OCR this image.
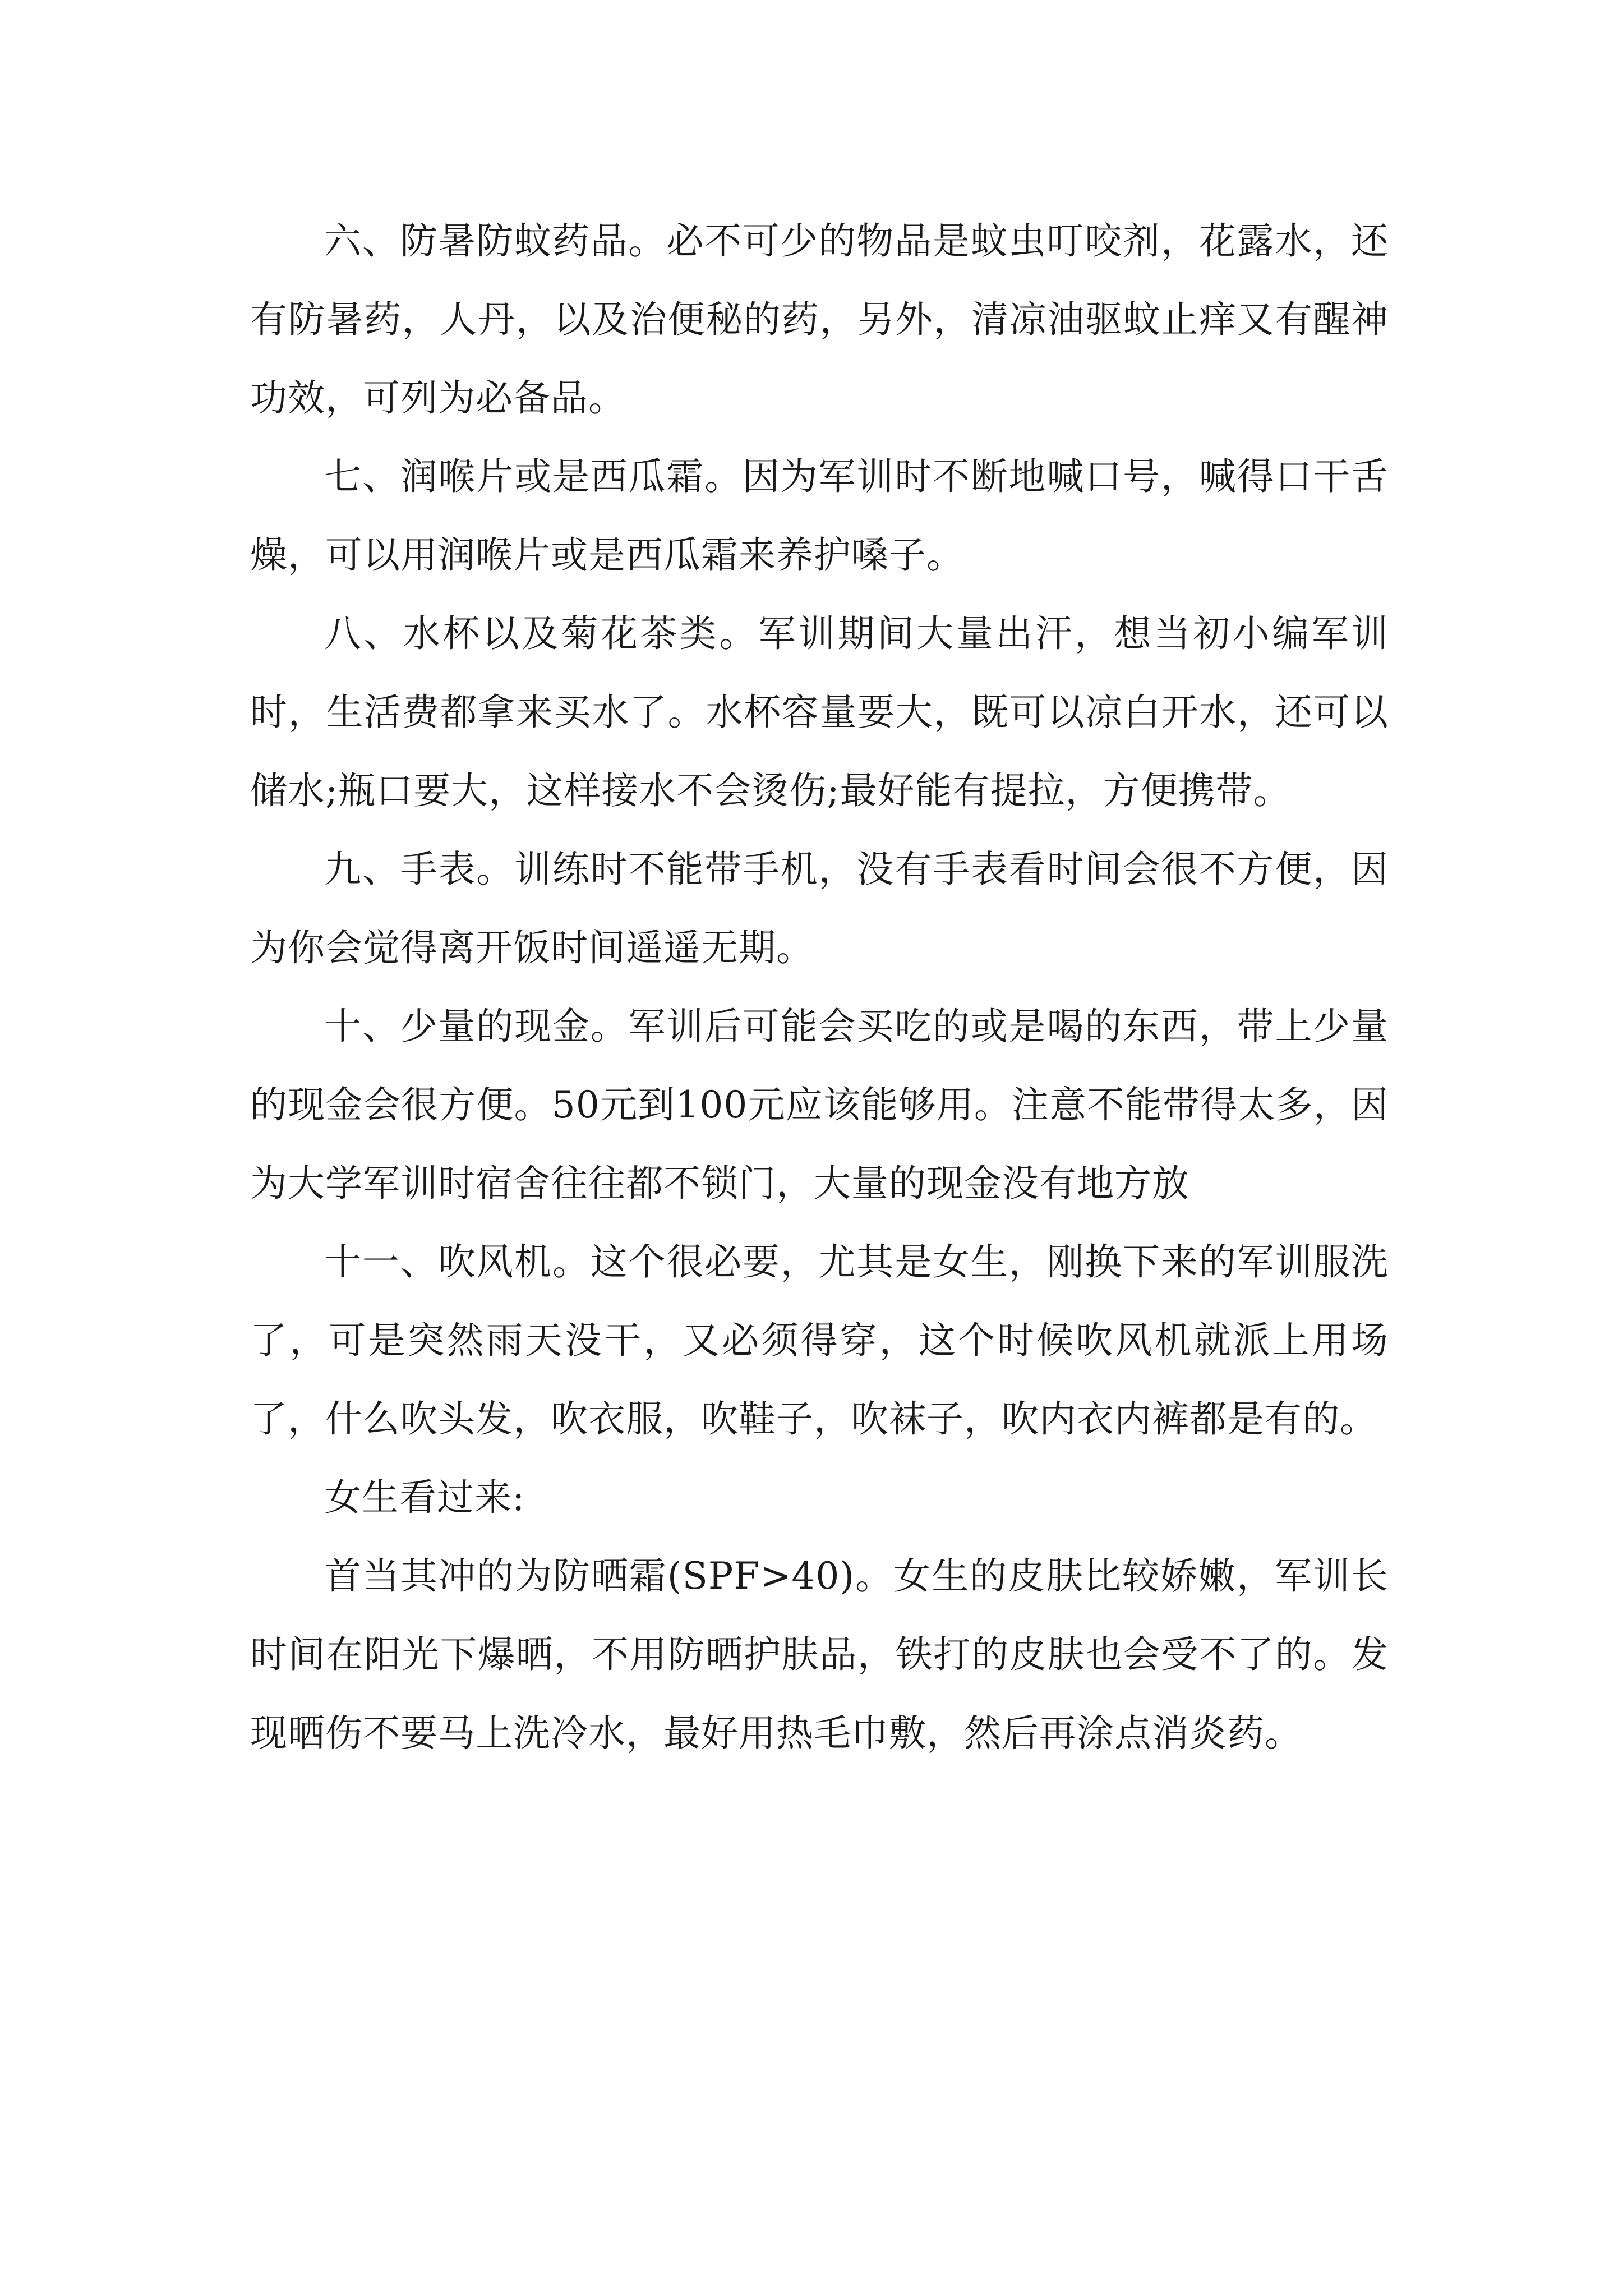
六、防暑防蚊药品。必不可少的物品是蚊虫叮咬剂，花露水，还有防暑药，人丹，以及治便秘的药，另外，清凉油驱蚊止痒又有醒神功效，可列为必备品。

七、润喉片或是西瓜霜。因为军训时不断地喊口号，喊得口干舌燥，可以用润喉片或是西瓜霜来养护嗓子。

八、水杯以及菊花茶类。军训期间大量出汗，想当初小编军训时，生活费都拿来买水了。水杯容量要大，既可以凉白开水，还可以储水;瓶口要大，这样接水不会烫伤;最好能有提拉，方便携带。

九、手表。训练时不能带手机，没有手表看时间会很不方便，因为你会觉得离开饭时间遥遥无期。

十、少量的现金。军训后可能会买吃的或是喝的东西，带上少量的现金会很方便。50元到100元应该能够用。注意不能带得太多，因为大学军训时宿舍往往都不锁门，大量的现金没有地方放

十一、吹风机。这个很必要，尤其是女生，刚换下来的军训服洗了，可是突然雨天没干，又必须得穿，这个时候吹风机就派上用场了，什么吹头发，吹衣服，吹鞋子，吹袜子，吹内衣内裤都是有的。

女生看过来:

首当其冲的为防晒霜(SPF>40)。女生的皮肤比较娇嫩，军训长时间在阳光下爆晒，不用防晒护肤品，铁打的皮肤也会受不了的。发现晒伤不要马上洗冷水，最好用热毛巾敷，然后再涂点消炎药。
